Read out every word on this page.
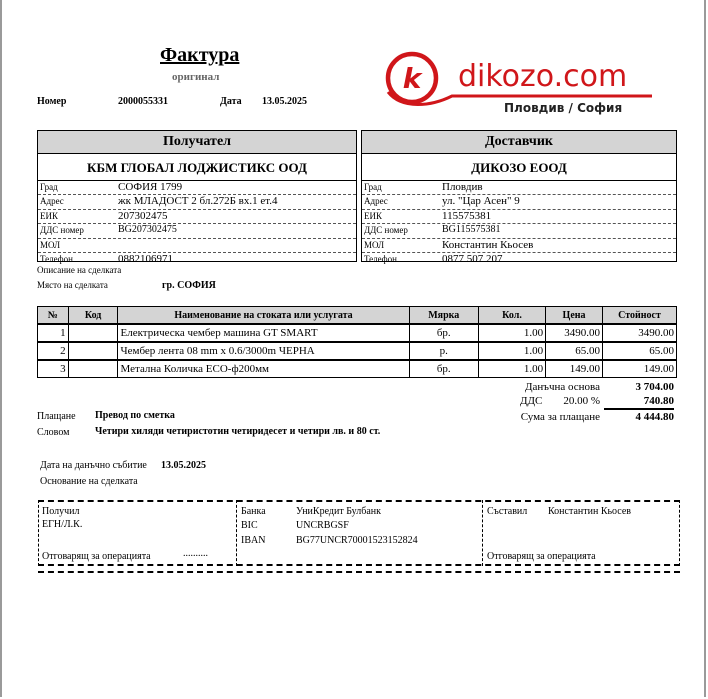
Фактура
оригинал
Номер	2000055331	Дата 13.05.2025
k dikozo.com
Пловдив / София
Получател
КБМ ГЛОБАЛ ЛОДЖИСТИКС ООД
Град	СОФИЯ 1799
Адрес	жк МЛАДОСТ 2 бл.272Б вх.1 ет.4
ЕИК	207302475
ДДС номер	BG207302475
МОЛ
Телефон	0882106971
Доставчик
ДИКОЗО ЕООД
Град	Пловдив
Адрес	ул. "Цар Асен" 9
ЕИК	115575381
ДДС номер	BG115575381
МОЛ	Константин Кьосев
Телефон	0877 507 207
Описание на сделката
Място на сделката	гр. СОФИЯ
№	Код	Наименование на стоката или услугата	Мярка	Кол.	Цена	Стойност
1		Електрическа чембер машина GT SMART	бр.	1.00	3490.00	3490.00
2		Чембер лента 08 mm x 0.6/3000m ЧЕРНА	р.	1.00	65.00	65.00
3		Метална Количка ECO-ф200мм	бр.	1.00	149.00	149.00
Данъчна основа	3 704.00
ДДС	20.00 %	740.80
Сума за плащане	4 444.80
Плащане Превод по сметка
Словом	Четири хиляди четиристотин четиридесет и четири лв. и 80 ст.
Дата на данъчно събитие 13.05.2025
Основание на сделката
Получил
ЕГН/Л.К.
Отговарящ за операцията	..........
Банка	УниКредит Булбанк
BIC	UNCRBGSF
IBAN	BG77UNCR70001523152824
Съставил Константин Кьосев
Отговарящ за операцията
